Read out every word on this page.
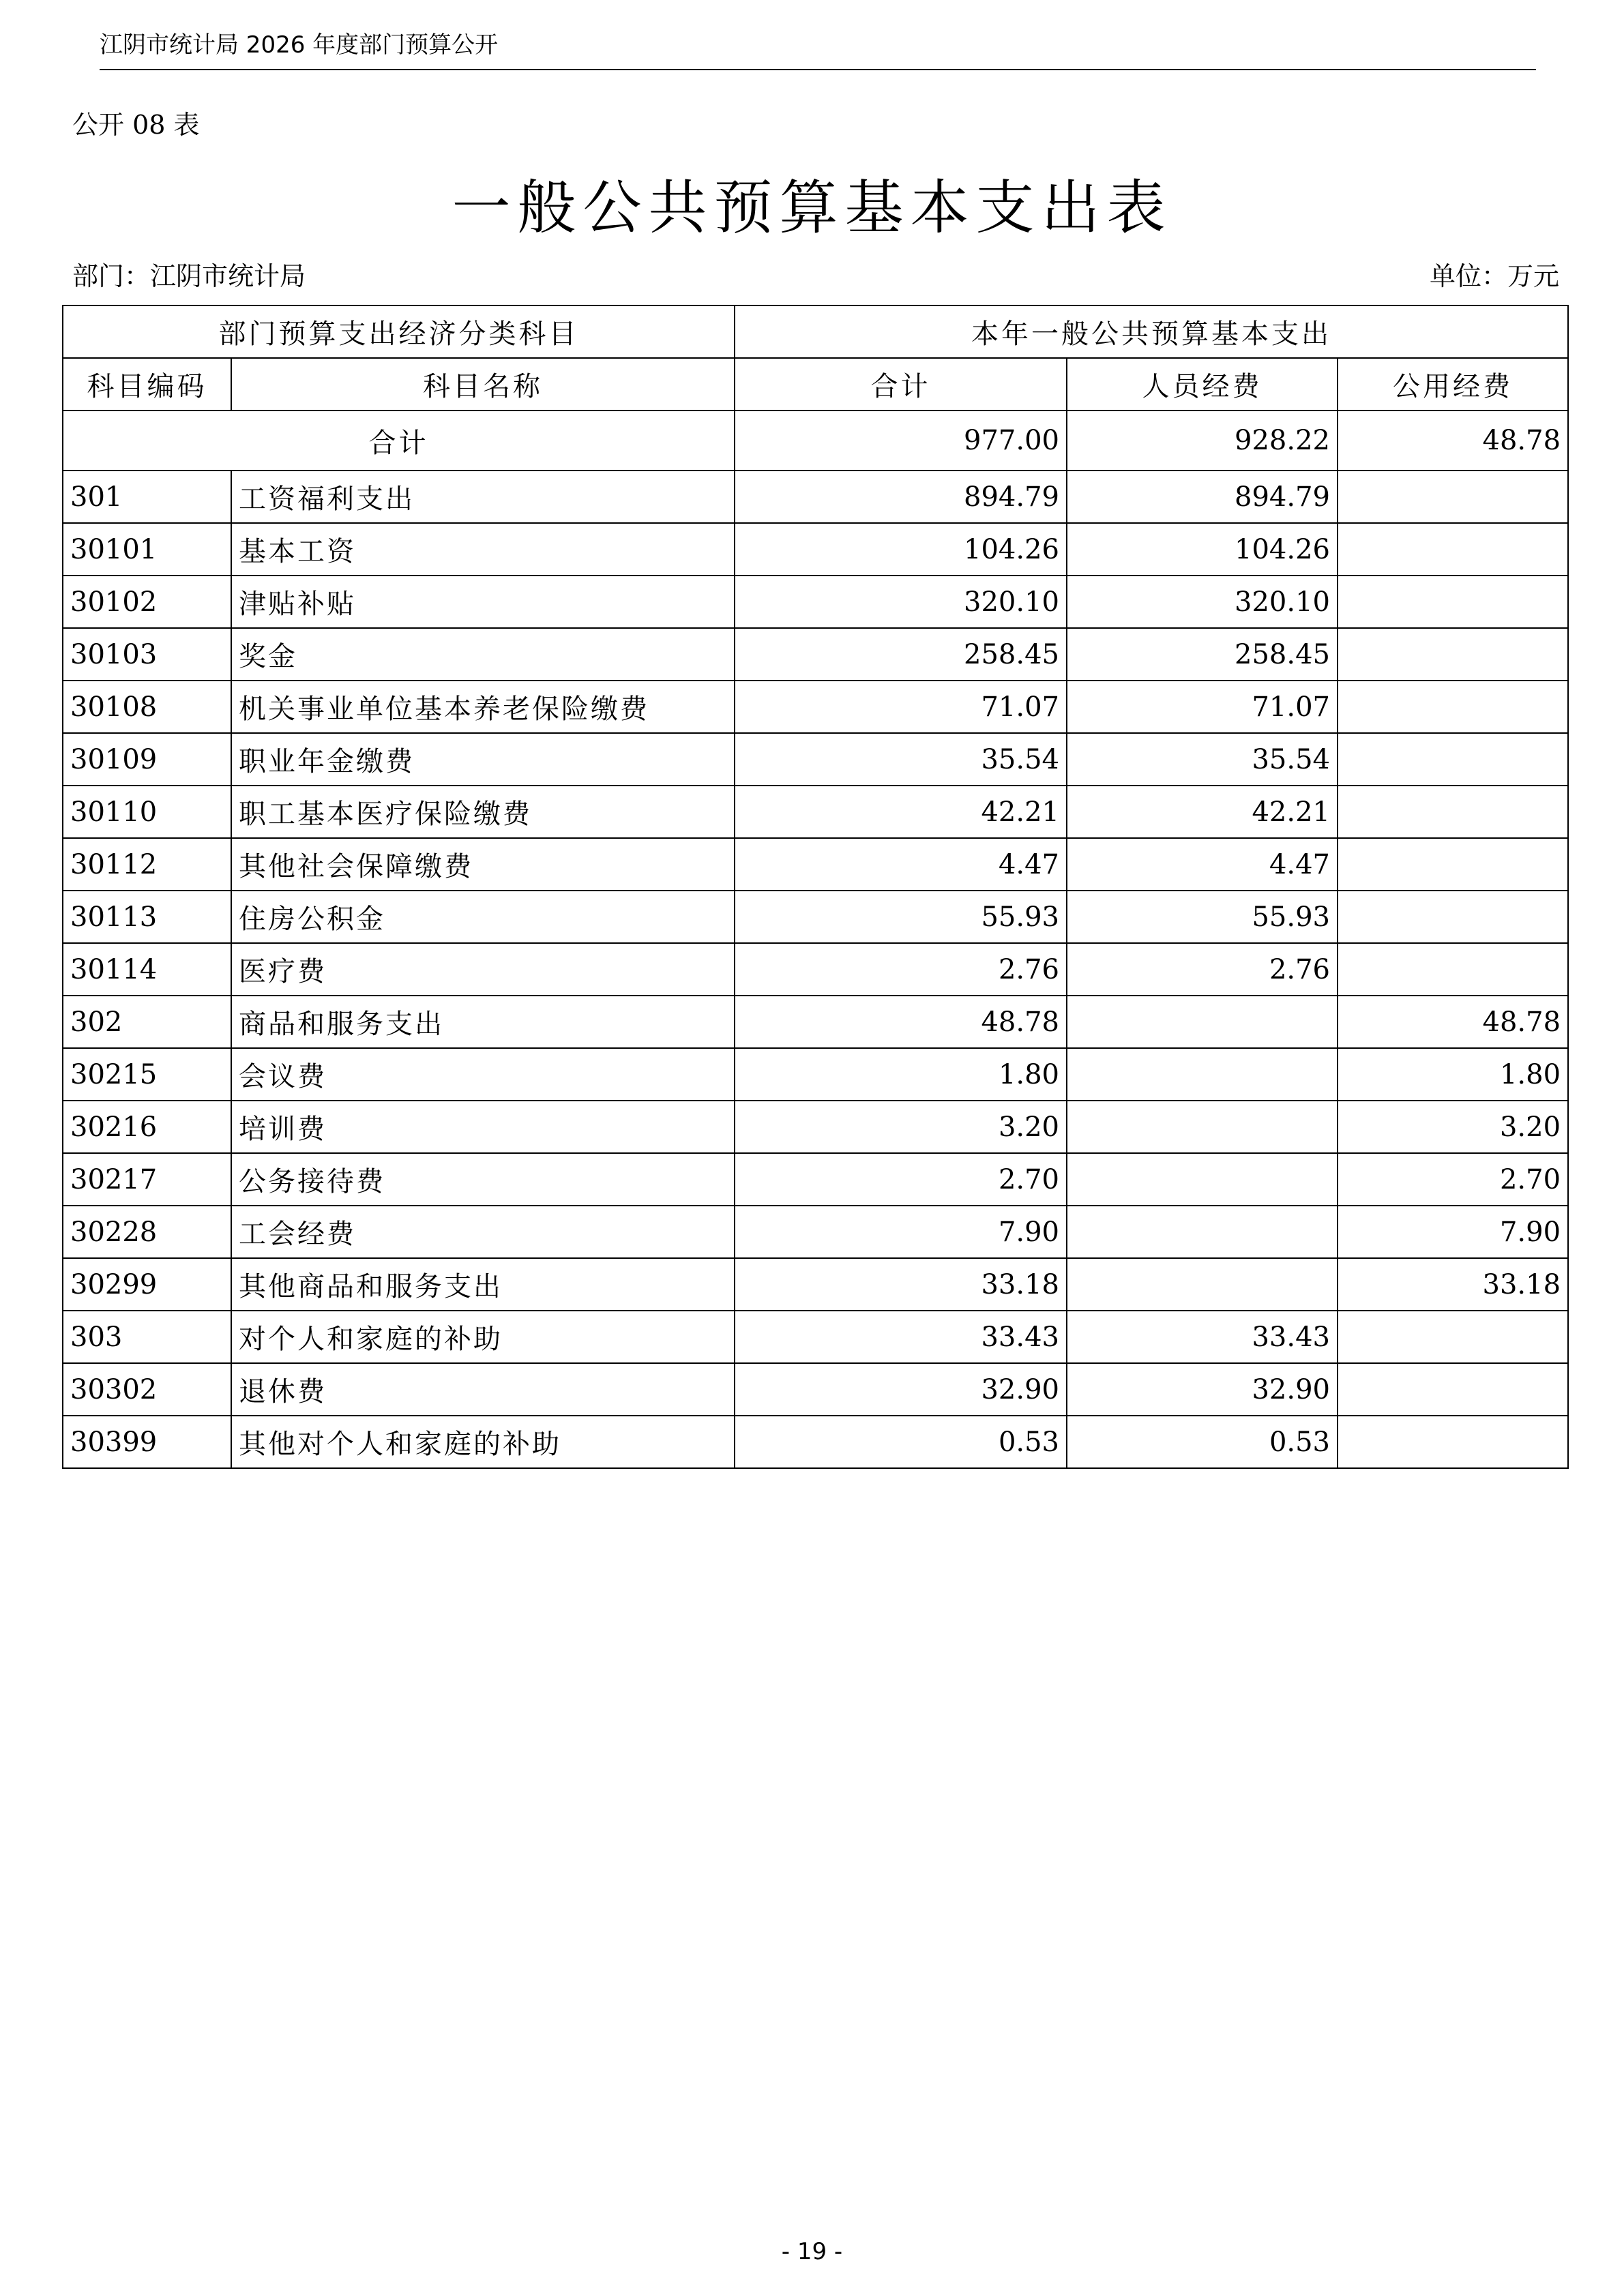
江阴市统计局 2026 年度部门预算公开
公开 08 表
一般公共预算基本支出表
部门：江阴市统计局	单位：万元
部门预算支出经济分类科目		本年一般公共预算基本支出		
科目编码	科目名称	合计	人员经费	公用经费
合计		977.00	928.22	48.78
301	工资福利支出	894.79	894.79	
30101	基本工资	104.26	104.26	
30102	津贴补贴	320.10	320.10	
30103	奖金	258.45	258.45	
30108	机关事业单位基本养老保险缴费	71.07	71.07	
30109	职业年金缴费	35.54	35.54	
30110	职工基本医疗保险缴费	42.21	42.21	
30112	其他社会保障缴费	4.47	4.47	
30113	住房公积金	55.93	55.93	
30114	医疗费	2.76	2.76	
302	商品和服务支出	48.78		48.78
30215	会议费	1.80		1.80
30216	培训费	3.20		3.20
30217	公务接待费	2.70		2.70
30228	工会经费	7.90		7.90
30299	其他商品和服务支出	33.18		33.18
303	对个人和家庭的补助	33.43	33.43	
30302	退休费	32.90	32.90	
30399	其他对个人和家庭的补助	0.53	0.53	
- 19 -
